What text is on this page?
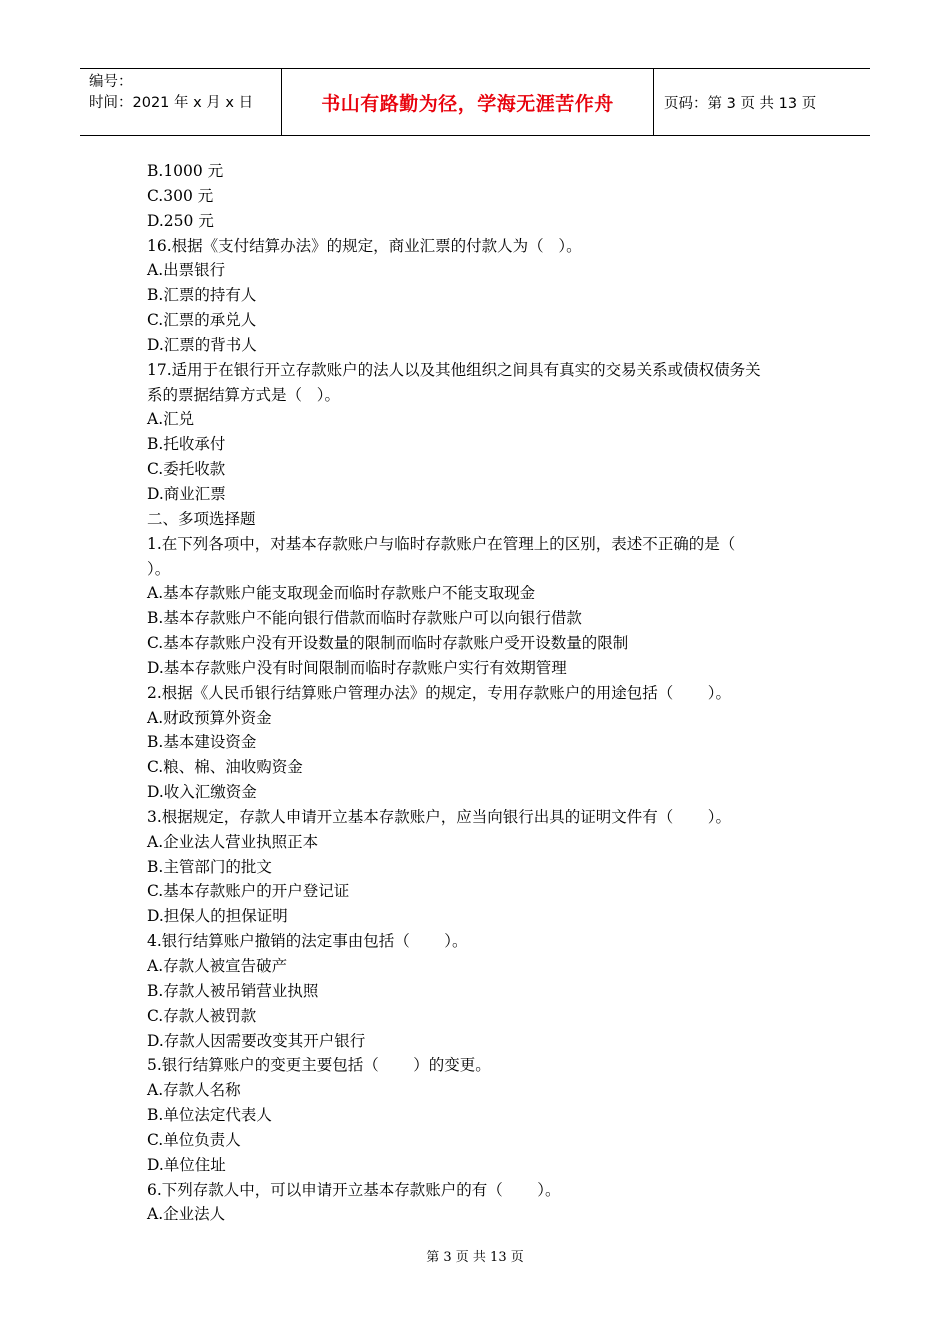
编号：
时间：2021 年 x 月 x 日	书山有路勤为径，学海无涯苦作舟	页码：第 3 页 共 13 页
B.1000 元
C.300 元
D.250 元
16.根据《支付结算办法》的规定，商业汇票的付款人为（   ）。
A.出票银行
B.汇票的持有人
C.汇票的承兑人
D.汇票的背书人
17.适用于在银行开立存款账户的法人以及其他组织之间具有真实的交易关系或债权债务关
系的票据结算方式是（   ）。
A.汇兑
B.托收承付
C.委托收款
D.商业汇票
二、多项选择题
1.在下列各项中，对基本存款账户与临时存款账户在管理上的区别，表述不正确的是（
）。
A.基本存款账户能支取现金而临时存款账户不能支取现金
B.基本存款账户不能向银行借款而临时存款账户可以向银行借款
C.基本存款账户没有开设数量的限制而临时存款账户受开设数量的限制
D.基本存款账户没有时间限制而临时存款账户实行有效期管理
2.根据《人民币银行结算账户管理办法》的规定，专用存款账户的用途包括（       ）。
A.财政预算外资金
B.基本建设资金
C.粮、棉、油收购资金
D.收入汇缴资金
3.根据规定，存款人申请开立基本存款账户，应当向银行出具的证明文件有（       ）。
A.企业法人营业执照正本
B.主管部门的批文
C.基本存款账户的开户登记证
D.担保人的担保证明
4.银行结算账户撤销的法定事由包括（       ）。
A.存款人被宣告破产
B.存款人被吊销营业执照
C.存款人被罚款
D.存款人因需要改变其开户银行
5.银行结算账户的变更主要包括（       ）的变更。
A.存款人名称
B.单位法定代表人
C.单位负责人
D.单位住址
6.下列存款人中，可以申请开立基本存款账户的有（       ）。
A.企业法人
第 3 页 共 13 页
